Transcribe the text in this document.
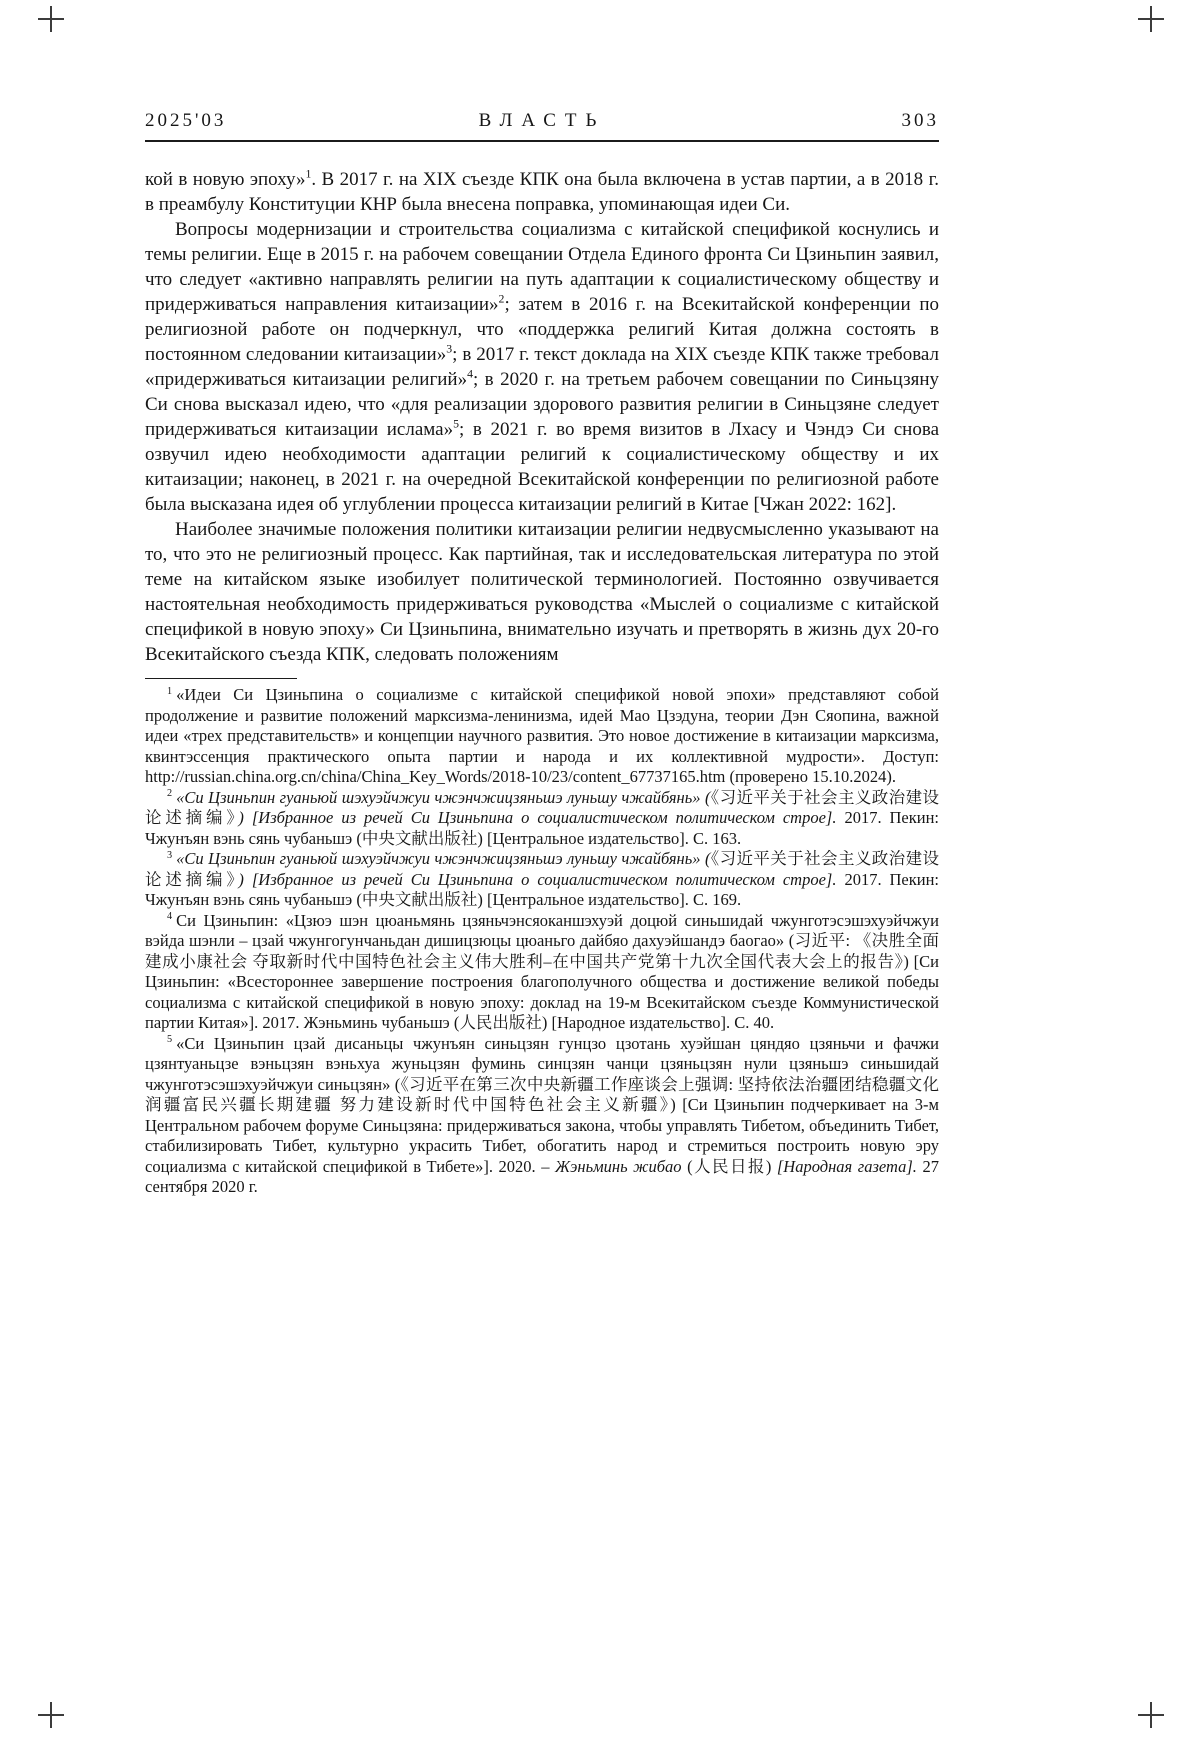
2025'03	ВЛАСТЬ	303

кой в новую эпоху»$^1$. В 2017 г. на XIX съезде КПК она была включена в устав партии, а в 2018 г. в преамбулу Конституции КНР была внесена поправка, упоминающая идеи Си.

Вопросы модернизации и строительства социализма с китайской спецификой коснулись и темы религии. Еще в 2015 г. на рабочем совещании Отдела Единого фронта Си Цзиньпин заявил, что следует «активно направлять религии на путь адаптации к социалистическому обществу и придерживаться направления китаизации»$^2$; затем в 2016 г. на Всекитайской конференции по религиозной работе он подчеркнул, что «поддержка религий Китая должна состоять в постоянном следовании китаизации»$^3$; в 2017 г. текст доклада на XIX съезде КПК также требовал «придерживаться китаизации религий»$^4$; в 2020 г. на третьем рабочем совещании по Синьцзяну Си снова высказал идею, что «для реализации здорового развития религии в Синьцзяне следует придерживаться китаизации ислама»$^5$; в 2021 г. во время визитов в Лхасу и Чэндэ Си снова озвучил идею необходимости адаптации религий к социалистическому обществу и их китаизации; наконец, в 2021 г. на очередной Всекитайской конференции по религиозной работе была высказана идея об углублении процесса китаизации религий в Китае [Чжан 2022: 162].

Наиболее значимые положения политики китаизации религии недвусмысленно указывают на то, что это не религиозный процесс. Как партийная, так и исследовательская литература по этой теме на китайском языке изобилует политической терминологией. Постоянно озвучивается настоятельная необходимость придерживаться руководства «Мыслей о социализме с китайской спецификой в новую эпоху» Си Цзиньпина, внимательно изучать и претворять в жизнь дух 20-го Всекитайского съезда КПК, следовать положениям

$^1$ «Идеи Си Цзиньпина о социализме с китайской спецификой новой эпохи» представляют собой продолжение и развитие положений марксизма-ленинизма, идей Мао Цзэдуна, теории Дэн Сяопина, важной идеи «трех представительств» и концепции научного развития. Это новое достижение в китаизации марксизма, квинтэссенция практического опыта партии и народа и их коллективной мудрости». Доступ: http://russian.china.org.cn/china/China_Key_Words/2018-10/23/content_67737165.htm (проверено 15.10.2024).

$^2$ «Си Цзиньпин гуаньюй шэхуэйчжуи чжэнчжицзяньшэ луньшу чжайбянь» (《习近平关于社会主义政治建设论述摘编》) [Избранное из речей Си Цзиньпина о социалистическом политическом строе]. 2017. Пекин: Чжунъян вэнь сянь чубаньшэ (中央文献出版社) [Центральное издательство]. С. 163.

$^3$ «Си Цзиньпин гуаньюй шэхуэйчжуи чжэнчжицзяньшэ луньшу чжайбянь» (《习近平关于社会主义政治建设论述摘编》) [Избранное из речей Си Цзиньпина о социалистическом политическом строе]. 2017. Пекин: Чжунъян вэнь сянь чубаньшэ (中央文献出版社) [Центральное издательство]. С. 169.

$^4$ Си Цзиньпин: «Цзюэ шэн цюаньмянь цзяньчэнсяоканшэхуэй доцюй синьшидай чжунготэсэшэхуэйчжуи вэйда шэнли – цзай чжунгогунчаньдан дишицзюцы цюаньго дайбяо дахуэйшандэ баогао» (习近平: 《决胜全面建成小康社会 夺取新时代中国特色社会主义伟大胜利–在中国共产党第十九次全国代表大会上的报告》) [Си Цзиньпин: «Всестороннее завершение построения благополучного общества и достижение великой победы социализма с китайской спецификой в новую эпоху: доклад на 19-м Всекитайском съезде Коммунистической партии Китая»]. 2017. Жэньминь чубаньшэ (人民出版社) [Народное издательство]. С. 40.

$^5$ «Си Цзиньпин цзай дисаньцы чжунъян синьцзян гунцзо цзотань хуэйшан цяндяо цзяньчи и фачжи цзянтуаньцзе вэньцзян вэньхуа жуньцзян фуминь синцзян чанци цзяньцзян нули цзяньшэ синьшидай чжунготэсэшэхуэйчжуи синьцзян» (《习近平在第三次中央新疆工作座谈会上强调: 坚持依法治疆团结稳疆文化润疆富民兴疆长期建疆 努力建设新时代中国特色社会主义新疆》) [Си Цзиньпин подчеркивает на 3-м Центральном рабочем форуме Синьцзяна: придерживаться закона, чтобы управлять Тибетом, объединить Тибет, стабилизировать Тибет, культурно украсить Тибет, обогатить народ и стремиться построить новую эру социализма с китайской спецификой в Тибете»]. 2020. – Жэньминь жибао (人民日报) [Народная газета]. 27 сентября 2020 г.
